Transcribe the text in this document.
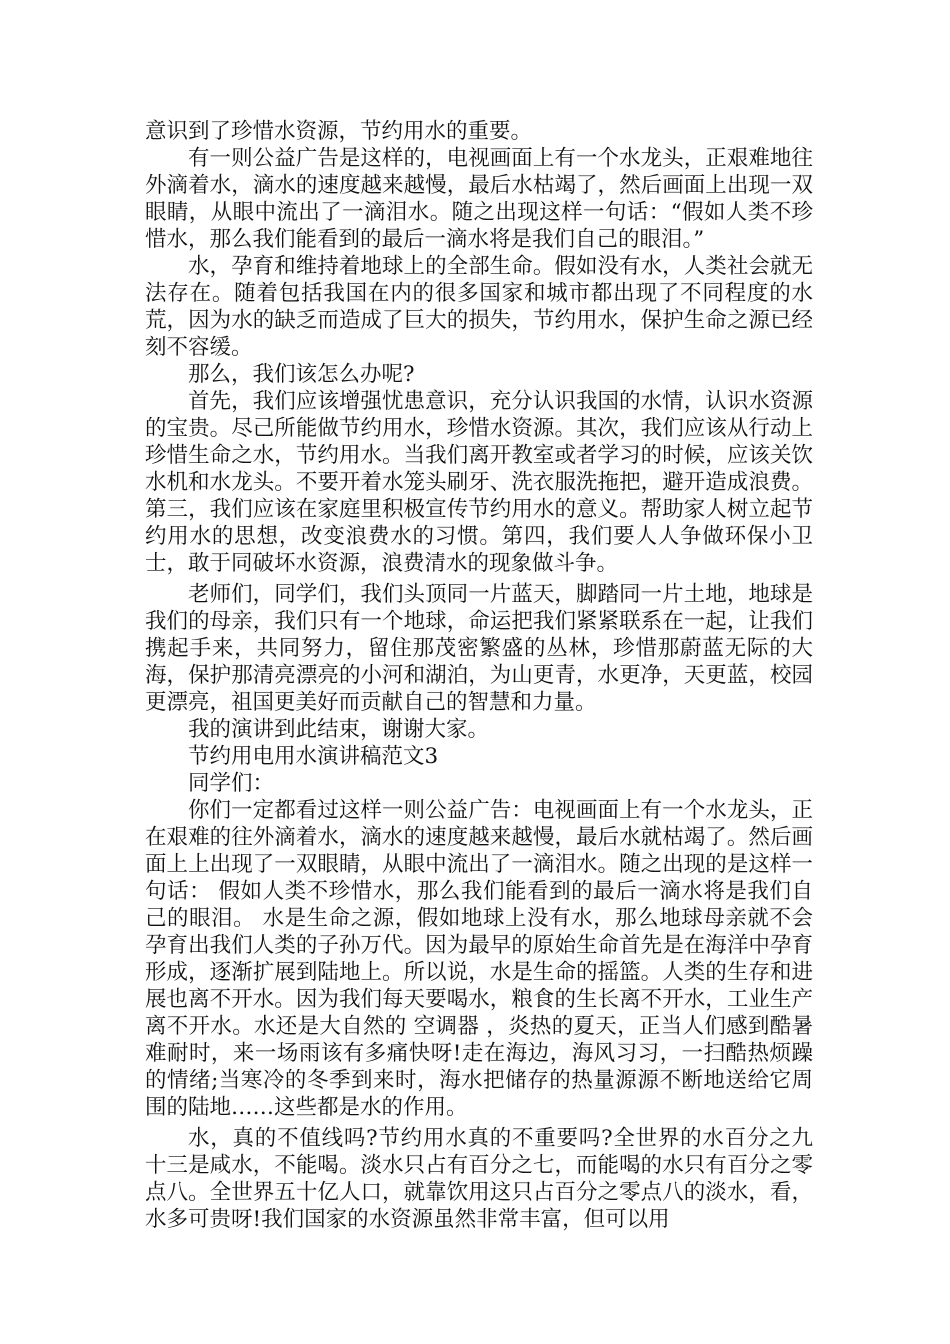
意识到了珍惜水资源，节约用水的重要。

有一则公益广告是这样的，电视画面上有一个水龙头，正艰难地往外滴着水，滴水的速度越来越慢，最后水枯竭了，然后画面上出现一双眼睛，从眼中流出了一滴泪水。随之出现这样一句话：“假如人类不珍惜水，那么我们能看到的最后一滴水将是我们自己的眼泪。”

水，孕育和维持着地球上的全部生命。假如没有水，人类社会就无法存在。随着包括我国在内的很多国家和城市都出现了不同程度的水荒，因为水的缺乏而造成了巨大的损失，节约用水，保护生命之源已经刻不容缓。

那么，我们该怎么办呢?

首先，我们应该增强忧患意识，充分认识我国的水情，认识水资源的宝贵。尽己所能做节约用水，珍惜水资源。其次，我们应该从行动上珍惜生命之水，节约用水。当我们离开教室或者学习的时候，应该关饮水机和水龙头。不要开着水笼头刷牙、洗衣服洗拖把，避开造成浪费。第三，我们应该在家庭里积极宣传节约用水的意义。帮助家人树立起节约用水的思想，改变浪费水的习惯。第四，我们要人人争做环保小卫士，敢于同破坏水资源，浪费清水的现象做斗争。

老师们，同学们，我们头顶同一片蓝天，脚踏同一片土地，地球是我们的母亲，我们只有一个地球，命运把我们紧紧联系在一起，让我们携起手来，共同努力，留住那茂密繁盛的丛林，珍惜那蔚蓝无际的大海，保护那清亮漂亮的小河和湖泊，为山更青，水更净，天更蓝，校园更漂亮，祖国更美好而贡献自己的智慧和力量。

我的演讲到此结束，谢谢大家。

节约用电用水演讲稿范文3

同学们：

你们一定都看过这样一则公益广告：电视画面上有一个水龙头，正在艰难的往外滴着水，滴水的速度越来越慢，最后水就枯竭了。然后画面上上出现了一双眼睛，从眼中流出了一滴泪水。随之出现的是这样一句话： 假如人类不珍惜水，那么我们能看到的最后一滴水将是我们自己的眼泪。 水是生命之源，假如地球上没有水，那么地球母亲就不会孕育出我们人类的子孙万代。因为最早的原始生命首先是在海洋中孕育形成，逐渐扩展到陆地上。所以说，水是生命的摇篮。人类的生存和进展也离不开水。因为我们每天要喝水，粮食的生长离不开水，工业生产离不开水。水还是大自然的 空调器 ，炎热的夏天，正当人们感到酷暑难耐时，来一场雨该有多痛快呀!走在海边，海风习习，一扫酷热烦躁的情绪;当寒冷的冬季到来时，海水把储存的热量源源不断地送给它周围的陆地……这些都是水的作用。

水，真的不值线吗?节约用水真的不重要吗?全世界的水百分之九十三是咸水，不能喝。淡水只占有百分之七，而能喝的水只有百分之零点八。全世界五十亿人口，就靠饮用这只占百分之零点八的淡水，看，水多可贵呀!我们国家的水资源虽然非常丰富，但可以用
